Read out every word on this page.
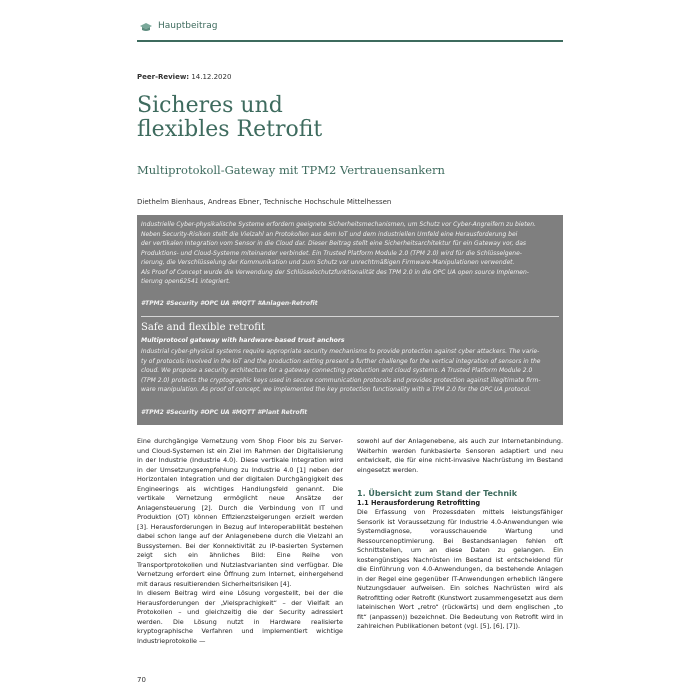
Hauptbeitrag
Peer-Review: 14.12.2020
Sicheres und
flexibles Retrofit
Multiprotokoll-Gateway mit TPM2 Vertrauensankern
Diethelm Bienhaus, Andreas Ebner, Technische Hochschule Mittelhessen
Industrielle Cyber-physikalische Systeme erfordern geeignete Sicherheitsmechanismen, um Schutz vor Cyber-Angreifern zu bieten.
Neben Security-Risiken stellt die Vielzahl an Protokollen aus dem IoT und dem industriellen Umfeld eine Herausforderung bei
der vertikalen Integration vom Sensor in die Cloud dar. Dieser Beitrag stellt eine Sicherheitsarchitektur für ein Gateway vor, das
Produktions- und Cloud-Systeme miteinander verbindet. Ein Trusted Platform Module 2.0 (TPM 2.0) wird für die Schlüsselgene-
rierung, die Verschlüsselung der Kommunikation und zum Schutz vor unrechtmäßigen Firmware-Manipulationen verwendet.
Als Proof of Concept wurde die Verwendung der Schlüsselschutzfunktionalität des TPM 2.0 in die OPC UA open source Implemen-
tierung open62541 integriert.
#TPM2 #Security #OPC UA #MQTT #Anlagen-Retrofit
Safe and flexible retrofit
Multiprotocol gateway with hardware-based trust anchors
Industrial cyber-physical systems require appropriate security mechanisms to provide protection against cyber attackers. The varie-
ty of protocols involved in the IoT and the production setting present a further challenge for the vertical integration of sensors in the
cloud. We propose a security architecture for a gateway connecting production and cloud systems. A Trusted Platform Module 2.0
(TPM 2.0) protects the cryptographic keys used in secure communication protocols and provides protection against illegitimate firm-
ware manipulation. As proof of concept, we implemented the key protection functionality with a TPM 2.0 for the OPC UA protocol.
#TPM2 #Security #OPC UA #MQTT #Plant Retrofit

Eine durchgängige Vernetzung vom Shop Floor bis zu Server- und Cloud-Systemen ist ein Ziel im Rahmen der Digitalisierung in der Industrie (Industrie 4.0). Diese vertikale Integration wird in der Umsetzungsempfehlung zu Industrie 4.0 [1] neben der Horizontalen Integration und der digitalen Durchgängigkeit des Engineerings als wichtiges Handlungsfeld genannt. Die vertikale Vernetzung ermöglicht neue Ansätze der Anlagensteuerung [2]. Durch die Verbindung von IT und Produktion (OT) können Effizienzsteigerungen erzielt werden [3]. Herausforderungen in Bezug auf Interoperabilität bestehen dabei schon lange auf der Anlagenebene durch die Vielzahl an Bussystemen. Bei der Konnektivität zu IP-basierten Systemen zeigt sich ein ähnliches Bild: Eine Reihe von Transportprotokollen und Nutzlastvarianten sind verfügbar. Die Vernetzung erfordert eine Öffnung zum Internet, einhergehend mit daraus resultierenden Sicherheitsrisiken [4].

In diesem Beitrag wird eine Lösung vorgestellt, bei der die Herausforderungen der „Vielsprachigkeit“ – der Vielfalt an Protokollen – und gleichzeitig die der Security adressiert werden. Die Lösung nutzt in Hardware realisierte kryptographische Verfahren und implementiert wichtige Industrieprotokolle —

sowohl auf der Anlagenebene, als auch zur Internetanbindung. Weiterhin werden funkbasierte Sensoren adaptiert und neu entwickelt, die für eine nicht-invasive Nachrüstung im Bestand eingesetzt werden.

1. Übersicht zum Stand der Technik
1.1 Herausforderung Retrofitting

Die Erfassung von Prozessdaten mittels leistungsfähiger Sensorik ist Voraussetzung für Industrie 4.0-Anwendungen wie Systemdiagnose, vorausschauende Wartung und Ressourcenoptimierung. Bei Bestandsanlagen fehlen oft Schnittstellen, um an diese Daten zu gelangen. Ein kostengünstiges Nachrüsten im Bestand ist entscheidend für die Einführung von 4.0-Anwendungen, da bestehende Anlagen in der Regel eine gegenüber IT-Anwendungen erheblich längere Nutzungsdauer aufweisen. Ein solches Nachrüsten wird als Retrofitting oder Retrofit (Kunstwort zusammengesetzt aus dem lateinischen Wort „retro“ (rückwärts) und dem englischen „to fit“ (anpassen)) bezeichnet. Die Bedeutung von Retrofit wird in zahlreichen Publikationen betont (vgl. [5], [6], [7]).

70
